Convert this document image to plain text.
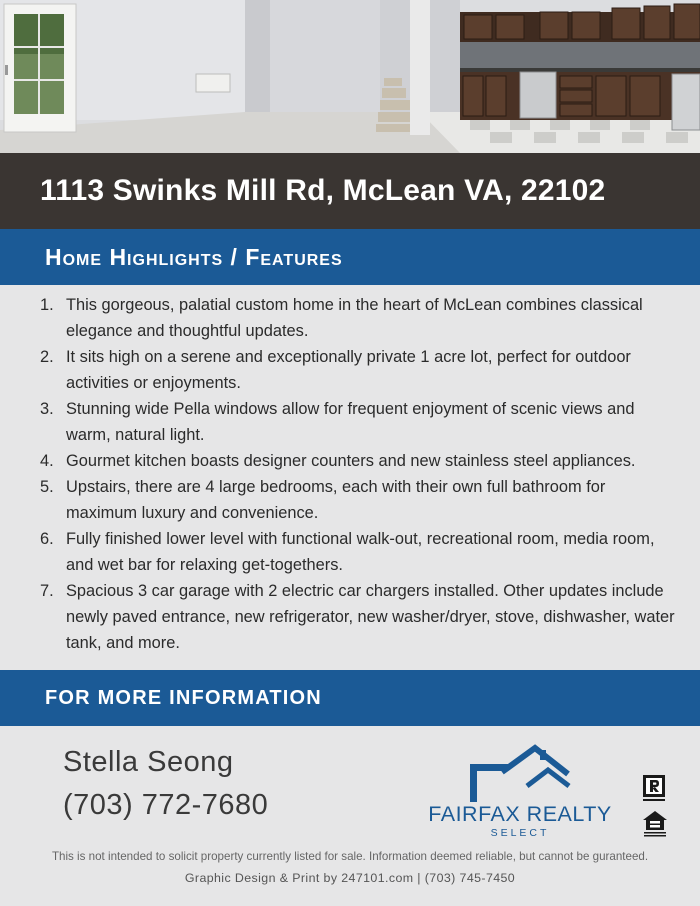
1113 Swinks Mill Rd, McLean VA, 22102
Home Highlights / Features
1. This gorgeous, palatial custom home in the heart of McLean combines classical elegance and thoughtful updates.
2. It sits high on a serene and exceptionally private 1 acre lot, perfect for outdoor activities or enjoyments.
3. Stunning wide Pella windows allow for frequent enjoyment of scenic views and warm, natural light.
4. Gourmet kitchen boasts designer counters and new stainless steel appliances.
5. Upstairs, there are 4 large bedrooms, each with their own full bathroom for maximum luxury and convenience.
6. Fully finished lower level with functional walk-out, recreational room, media room, and wet bar for relaxing get-togethers.
7. Spacious 3 car garage with 2 electric car chargers installed. Other updates include newly paved entrance, new refrigerator, new washer/dryer, stove, dishwasher, water tank, and more.
FOR MORE INFORMATION
Stella Seong
(703) 772-7680	FAIRFAX REALTY
SELECT
This is not intended to solicit property currently listed for sale. Information deemed reliable, but cannot be guranteed.
Graphic Design & Print by 247101.com | (703) 745-7450
